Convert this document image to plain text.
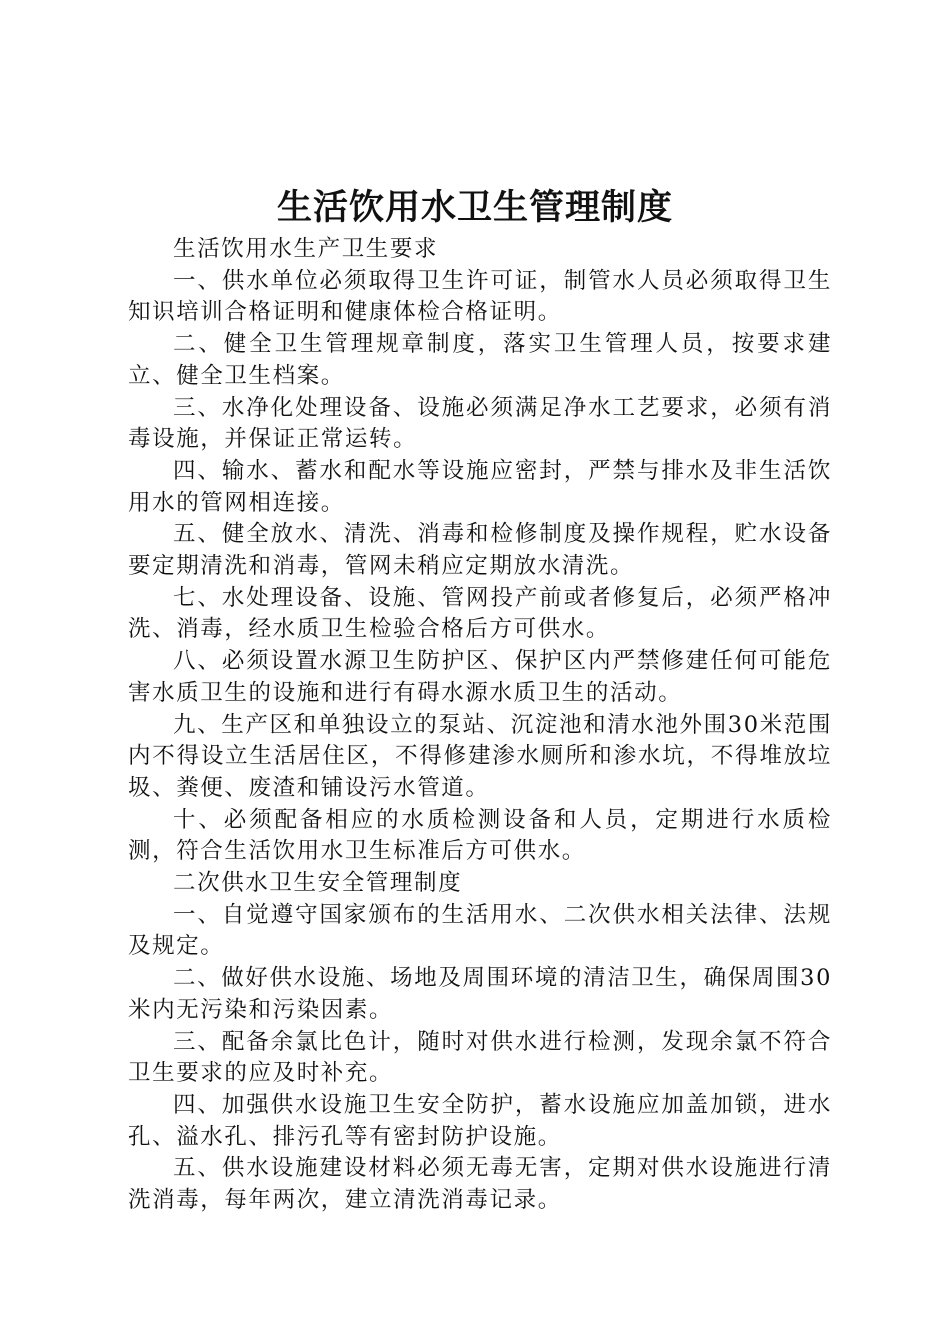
生活饮用水卫生管理制度

生活饮用水生产卫生要求

一、供水单位必须取得卫生许可证，制管水人员必须取得卫生知识培训合格证明和健康体检合格证明。

二、健全卫生管理规章制度，落实卫生管理人员，按要求建立、健全卫生档案。

三、水净化处理设备、设施必须满足净水工艺要求，必须有消毒设施，并保证正常运转。

四、输水、蓄水和配水等设施应密封，严禁与排水及非生活饮用水的管网相连接。

五、健全放水、清洗、消毒和检修制度及操作规程，贮水设备要定期清洗和消毒，管网未稍应定期放水清洗。

七、水处理设备、设施、管网投产前或者修复后，必须严格冲洗、消毒，经水质卫生检验合格后方可供水。

八、必须设置水源卫生防护区、保护区内严禁修建任何可能危害水质卫生的设施和进行有碍水源水质卫生的活动。

九、生产区和单独设立的泵站、沉淀池和清水池外围30米范围内不得设立生活居住区，不得修建渗水厕所和渗水坑，不得堆放垃圾、粪便、废渣和铺设污水管道。

十、必须配备相应的水质检测设备和人员，定期进行水质检测，符合生活饮用水卫生标准后方可供水。

二次供水卫生安全管理制度

一、自觉遵守国家颁布的生活用水、二次供水相关法律、法规及规定。

二、做好供水设施、场地及周围环境的清洁卫生，确保周围30米内无污染和污染因素。

三、配备余氯比色计，随时对供水进行检测，发现余氯不符合卫生要求的应及时补充。

四、加强供水设施卫生安全防护，蓄水设施应加盖加锁，进水孔、溢水孔、排污孔等有密封防护设施。

五、供水设施建设材料必须无毒无害，定期对供水设施进行清洗消毒，每年两次，建立清洗消毒记录。
